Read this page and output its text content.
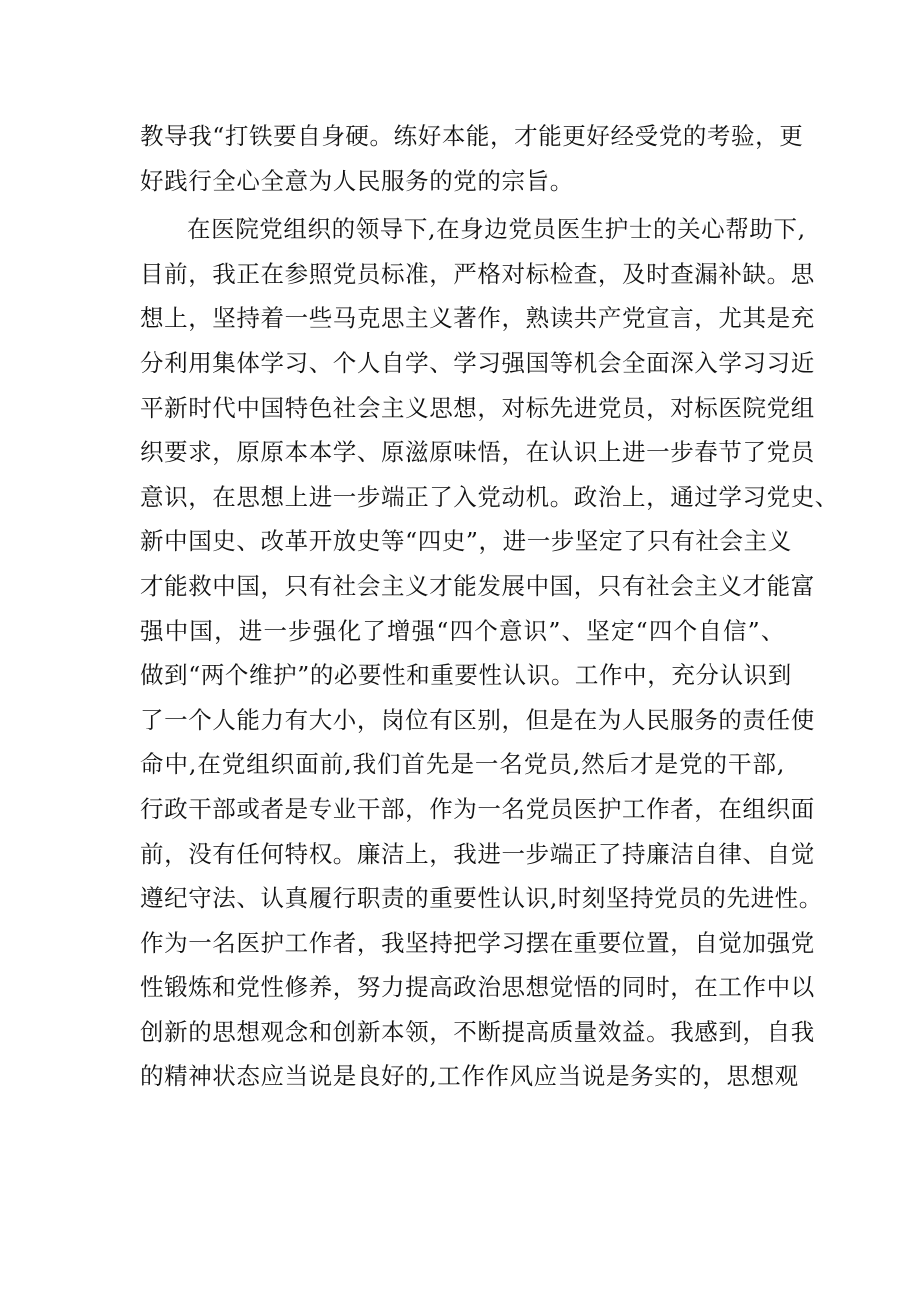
教导我“打铁要自身硬。练好本能，才能更好经受党的考验，更
好践行全心全意为人民服务的党的宗旨。
在医院党组织的领导下,在身边党员医生护士的关心帮助下,
目前，我正在参照党员标准，严格对标检查，及时查漏补缺。思
想上，坚持着一些马克思主义著作，熟读共产党宣言，尤其是充
分利用集体学习、个人自学、学习强国等机会全面深入学习习近
平新时代中国特色社会主义思想，对标先进党员，对标医院党组
织要求，原原本本学、原滋原味悟，在认识上进一步春节了党员
意识，在思想上进一步端正了入党动机。政治上，通过学习党史、
新中国史、改革开放史等“四史”，进一步坚定了只有社会主义
才能救中国，只有社会主义才能发展中国，只有社会主义才能富
强中国，进一步强化了增强“四个意识”、坚定“四个自信”、
做到“两个维护”的必要性和重要性认识。工作中，充分认识到
了一个人能力有大小，岗位有区别，但是在为人民服务的责任使
命中,在党组织面前,我们首先是一名党员,然后才是党的干部,
行政干部或者是专业干部，作为一名党员医护工作者，在组织面
前，没有任何特权。廉洁上，我进一步端正了持廉洁自律、自觉
遵纪守法、认真履行职责的重要性认识,时刻坚持党员的先进性。
作为一名医护工作者，我坚持把学习摆在重要位置，自觉加强党
性锻炼和党性修养，努力提高政治思想觉悟的同时，在工作中以
创新的思想观念和创新本领，不断提高质量效益。我感到，自我
的精神状态应当说是良好的,工作作风应当说是务实的，思想观
